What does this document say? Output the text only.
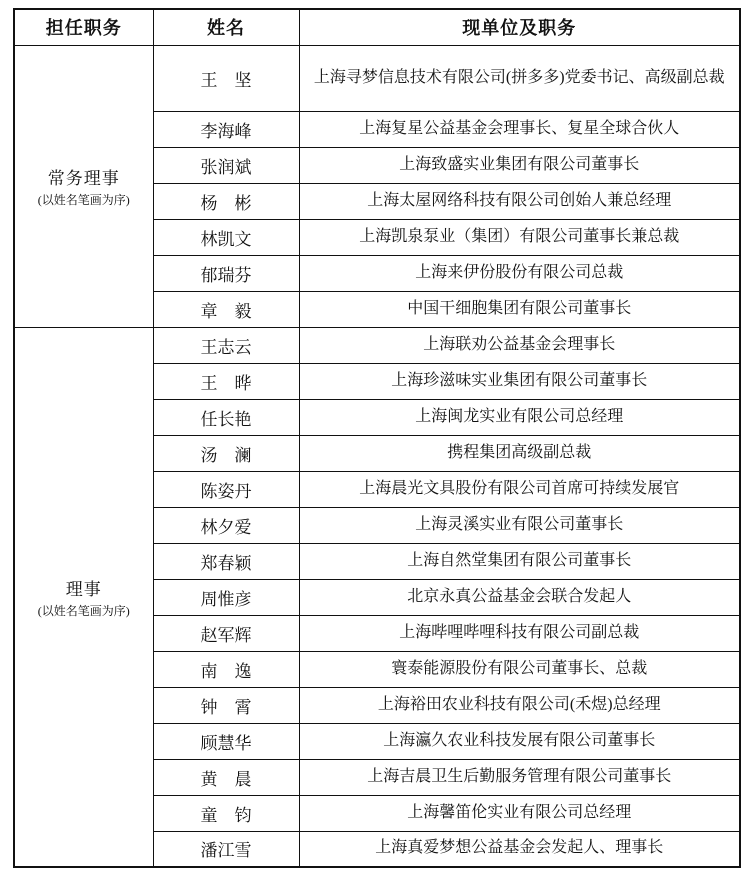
担任职务	姓名	现单位及职务

常务理事
(以姓名笔画为序)	王　坚	上海寻梦信息技术有限公司(拼多多)党委书记、高级副总裁
	李海峰	上海复星公益基金会理事长、复星全球合伙人
	张润斌	上海致盛实业集团有限公司董事长
	杨　彬	上海太屋网络科技有限公司创始人兼总经理
	林凯文	上海凯泉泵业（集团）有限公司董事长兼总裁
	郁瑞芬	上海来伊份股份有限公司总裁
	章　毅	中国干细胞集团有限公司董事长

理事
(以姓名笔画为序)	王志云	上海联劝公益基金会理事长
	王　晔	上海珍滋味实业集团有限公司董事长
	任长艳	上海闽龙实业有限公司总经理
	汤　澜	携程集团高级副总裁
	陈姿丹	上海晨光文具股份有限公司首席可持续发展官
	林夕爱	上海灵溪实业有限公司董事长
	郑春颖	上海自然堂集团有限公司董事长
	周惟彦	北京永真公益基金会联合发起人
	赵军辉	上海哔哩哔哩科技有限公司副总裁
	南　逸	寰泰能源股份有限公司董事长、总裁
	钟　霄	上海裕田农业科技有限公司(禾煜)总经理
	顾慧华	上海瀛久农业科技发展有限公司董事长
	黄　晨	上海吉晨卫生后勤服务管理有限公司董事长
	童　钧	上海馨笛伦实业有限公司总经理
	潘江雪	上海真爱梦想公益基金会发起人、理事长
